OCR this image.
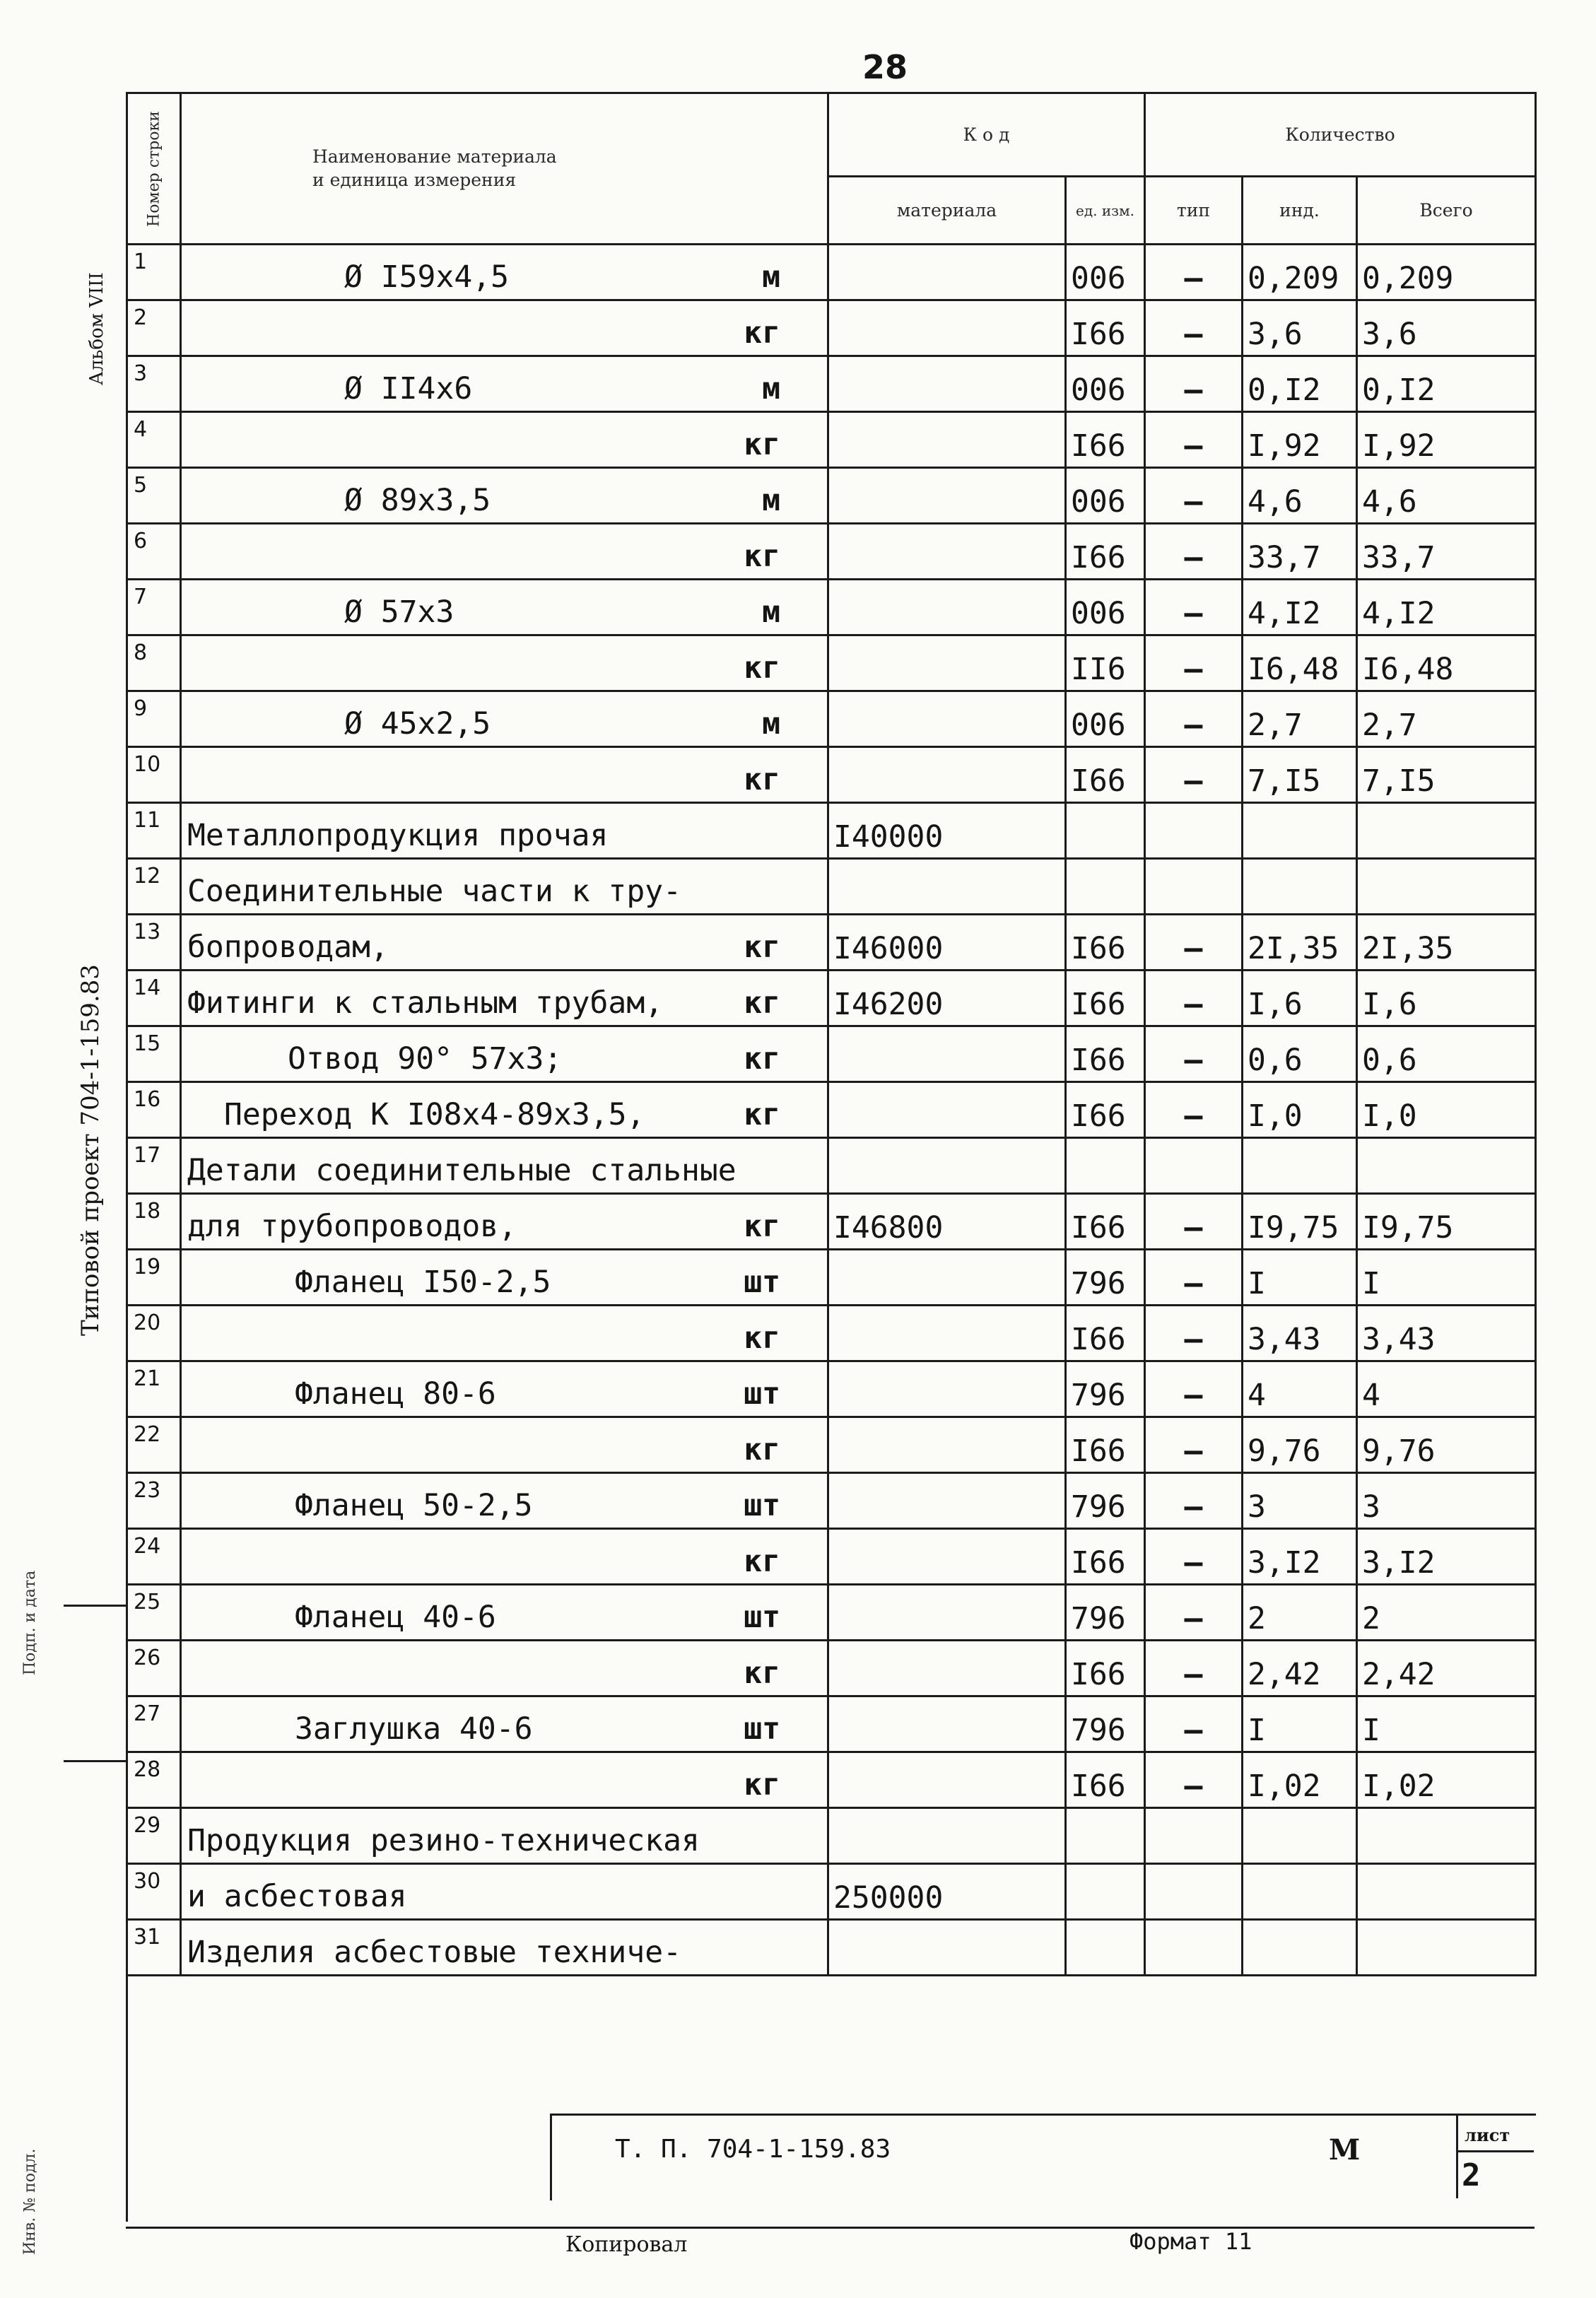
28
Альбом VIII
Типовой проект 704-1-159.83
Подп. и дата
Инв. № подл.
Номер строки	Наименование материала
и единица измерения	К о д		Количество		
		материала	ед. изм.	тип	инд.	Всего
1	Ø I59x4,5 м		006	–	0,209	0,209
2	кг		I66	–	3,6	3,6
3	Ø II4x6 м		006	–	0,I2	0,I2
4	кг		I66	–	I,92	I,92
5	Ø 89x3,5 м		006	–	4,6	4,6
6	кг		I66	–	33,7	33,7
7	Ø 57x3 м		006	–	4,I2	4,I2
8	кг		II6	–	I6,48	I6,48
9	Ø 45x2,5 м		006	–	2,7	2,7
10	кг		I66	–	7,I5	7,I5
11	Металлопродукция прочая	I40000				
12	Соединительные части к тру-					

13	бопроводам, кг	I46000	I66	–	2I,35	2I,35
14	Фитинги к стальным трубам, кг	I46200	I66	–	I,6	I,6
15	Отвод 90° 57x3; кг		I66	–	0,6	0,6
16	Переход К I08x4-89x3,5, кг		I66	–	I,0	I,0
17	Детали соединительные стальные					

18	для трубопроводов, кг	I46800	I66	–	I9,75	I9,75
19	Фланец I50-2,5 шт		796	–	I	I
20	кг		I66	–	3,43	3,43
21	Фланец 80-6 шт		796	–	4	4
22	кг		I66	–	9,76	9,76
23	Фланец 50-2,5 шт		796	–	3	3
24	кг		I66	–	3,I2	3,I2
25	Фланец 40-6 шт		796	–	2	2
26	кг		I66	–	2,42	2,42
27	Заглушка 40-6 шт		796	–	I	I
28	кг		I66	–	I,02	I,02
29	Продукция резино-техническая					

30	и асбестовая	250000				
31	Изделия асбестовые техниче-					

Т. П. 704-1-159.83	М	лист
2
Копировал	Формат 11
